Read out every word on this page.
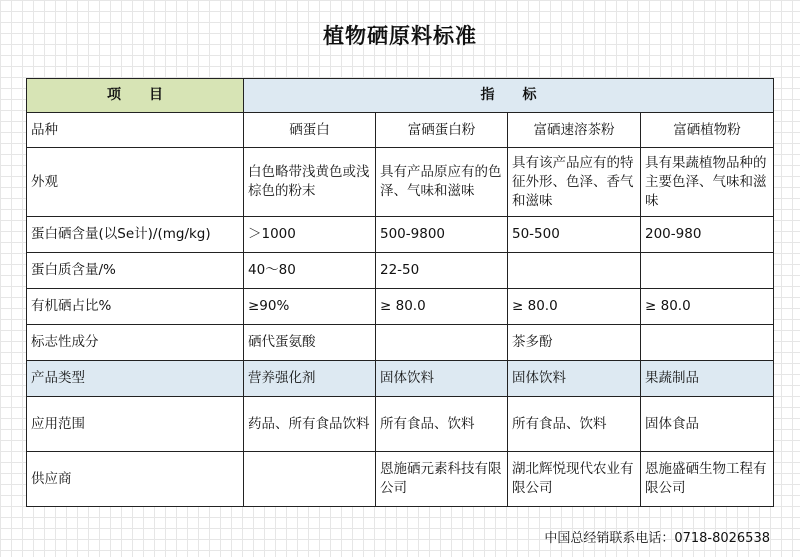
植物硒原料标准
项　　目	指　　标			
品种	硒蛋白	富硒蛋白粉	富硒速溶茶粉	富硒植物粉
外观	白色略带浅黄色或浅棕色的粉末	具有产品原应有的色泽、气味和滋味	具有该产品应有的特征外形、色泽、香气和滋味	具有果蔬植物品种的主要色泽、气味和滋味
蛋白硒含量(以Se计)/(mg/kg)	＞1000	500-9800	50-500	200-980
蛋白质含量/%	40～80	22-50		
有机硒占比%	≥90%	≥ 80.0	≥ 80.0	≥ 80.0
标志性成分	硒代蛋氨酸		茶多酚	
产品类型	营养强化剂	固体饮料	固体饮料	果蔬制品
应用范围	药品、所有食品饮料	所有食品、饮料	所有食品、饮料	固体食品
供应商		恩施硒元素科技有限公司	湖北辉悦现代农业有限公司	恩施盛硒生物工程有限公司
中国总经销联系电话：0718-8026538
